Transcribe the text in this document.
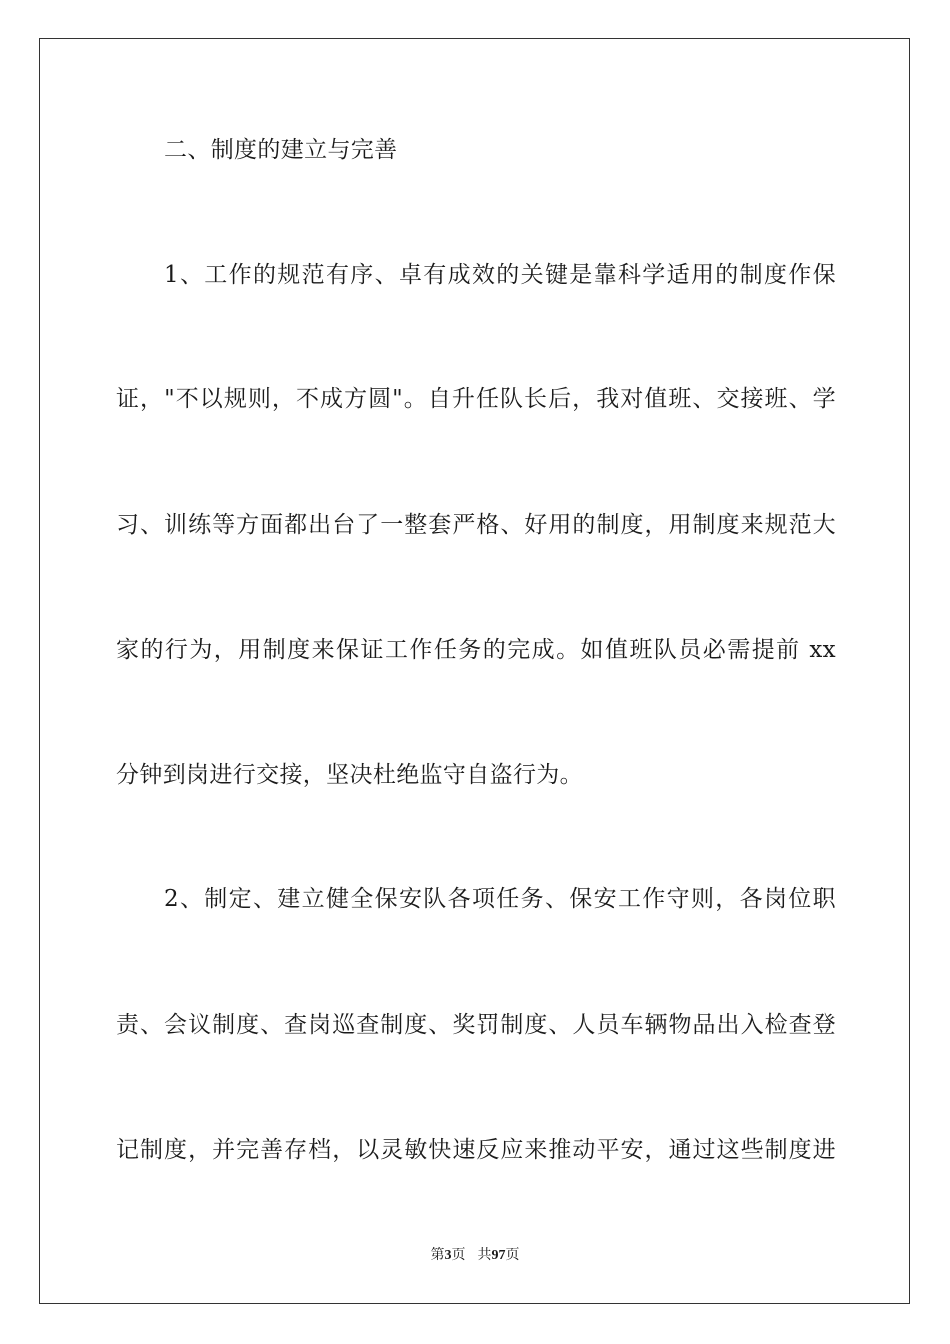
二、制度的建立与完善
1、工作的规范有序、卓有成效的关键是靠科学适用的制度作保
证，"不以规则，不成方圆"。自升任队长后，我对值班、交接班、学
习、训练等方面都出台了一整套严格、好用的制度，用制度来规范大
家的行为，用制度来保证工作任务的完成。如值班队员必需提前 xx
分钟到岗进行交接，坚决杜绝监守自盗行为。
2、制定、建立健全保安队各项任务、保安工作守则，各岗位职
责、会议制度、查岗巡查制度、奖罚制度、人员车辆物品出入检查登
记制度，并完善存档，以灵敏快速反应来推动平安，通过这些制度进
第3页 共97页
